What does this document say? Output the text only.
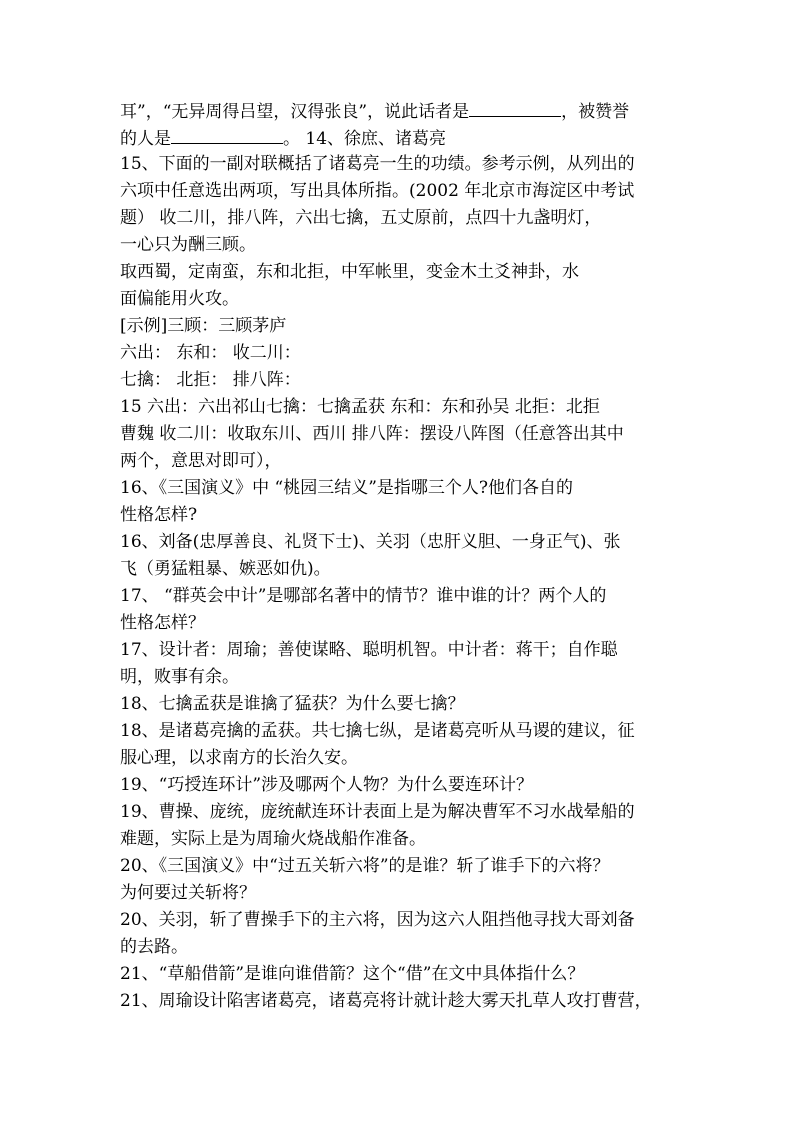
耳”，“无异周得吕望，汉得张良”，说此话者是	，被赞誉
的人是	。 14、徐庶、诸葛亮
15、下面的一副对联概括了诸葛亮一生的功绩。参考示例，从列出的
六项中任意选出两项，写出具体所指。(2002 年北京市海淀区中考试
题） 收二川，排八阵，六出七擒，五丈原前，点四十九盏明灯，
一心只为酬三顾。
取西蜀，定南蛮，东和北拒，中军帐里，变金木土爻神卦，水
面偏能用火攻。
[示例]三顾：三顾茅庐
六出： 东和： 收二川：
七擒： 北拒： 排八阵：
15 六出：六出祁山七擒：七擒孟获 东和：东和孙吴 北拒：北拒
曹魏 收二川：收取东川、西川 排八阵：摆设八阵图（任意答出其中
两个，意思对即可），
16、《三国演义》中 “桃园三结义”是指哪三个人?他们各自的
性格怎样?
16、刘备(忠厚善良、礼贤下士)、关羽（忠肝义胆、一身正气)、张
飞（勇猛粗暴、嫉恶如仇)。
17、 “群英会中计”是哪部名著中的情节？谁中谁的计？两个人的
性格怎样？
17、设计者：周瑜；善使谋略、聪明机智。中计者：蒋干；自作聪
明，败事有余。
18、七擒孟获是谁擒了猛获？为什么要七擒？
18、是诸葛亮擒的孟获。共七擒七纵，是诸葛亮听从马谡的建议，征
服心理，以求南方的长治久安。
19、“巧授连环计”涉及哪两个人物？为什么要连环计？
19、曹操、庞统，庞统献连环计表面上是为解决曹军不习水战晕船的
难题，实际上是为周瑜火烧战船作准备。
20、《三国演义》中“过五关斩六将”的是谁？斩了谁手下的六将？
为何要过关斩将？
20、关羽，斩了曹操手下的主六将，因为这六人阻挡他寻找大哥刘备
的去路。
21、“草船借箭”是谁向谁借箭？这个“借”在文中具体指什么？
21、周瑜设计陷害诸葛亮，诸葛亮将计就计趁大雾天扎草人攻打曹营，
